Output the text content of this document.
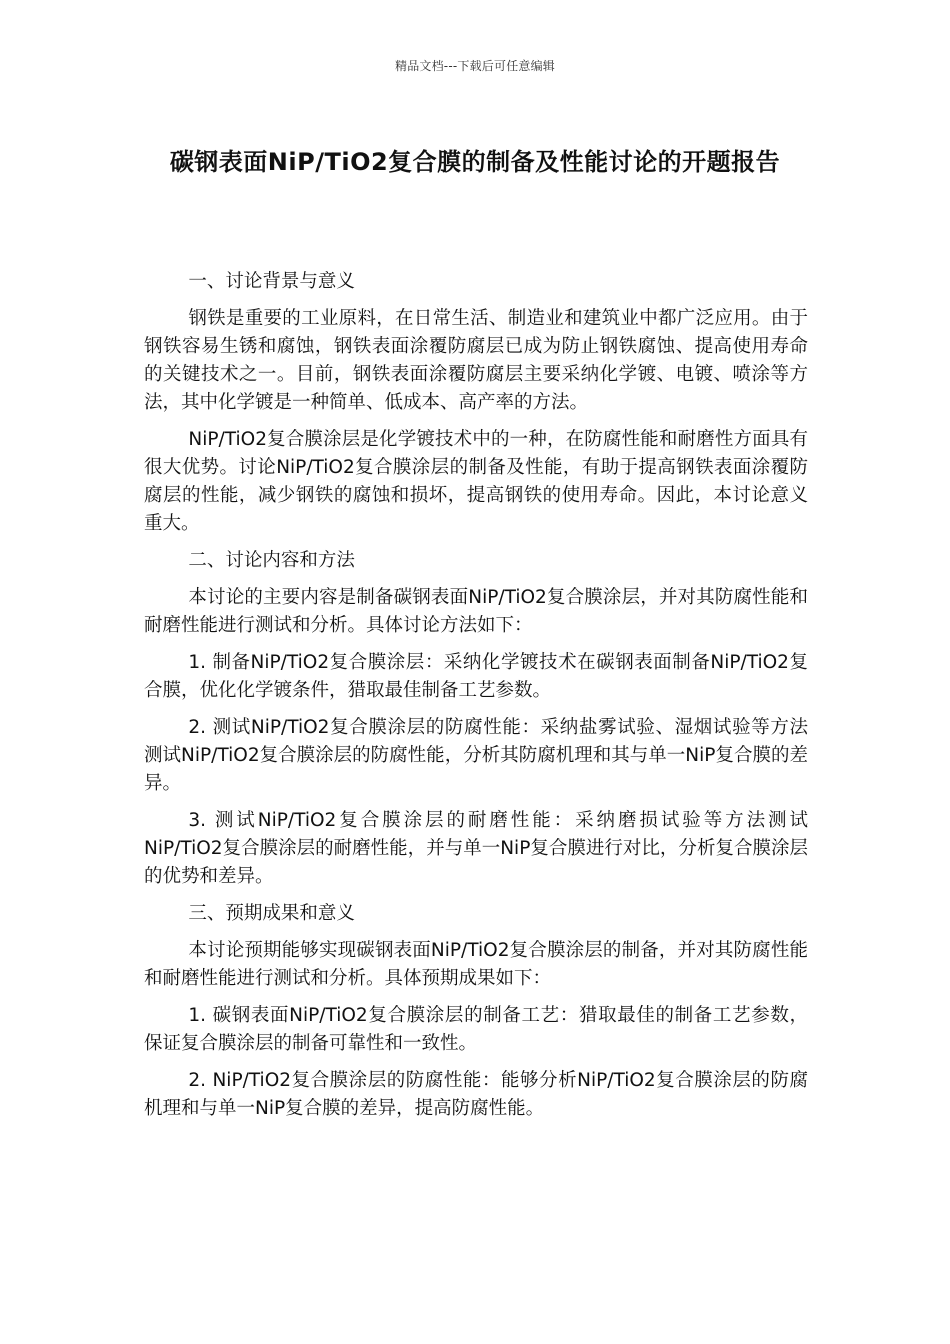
精品文档---下载后可任意编辑
碳钢表面NiP/TiO2复合膜的制备及性能讨论的开题报告

一、讨论背景与意义

钢铁是重要的工业原料，在日常生活、制造业和建筑业中都广泛应用。由于钢铁容易生锈和腐蚀，钢铁表面涂覆防腐层已成为防止钢铁腐蚀、提高使用寿命的关键技术之一。目前，钢铁表面涂覆防腐层主要采纳化学镀、电镀、喷涂等方法，其中化学镀是一种简单、低成本、高产率的方法。

NiP/TiO2复合膜涂层是化学镀技术中的一种，在防腐性能和耐磨性方面具有很大优势。讨论NiP/TiO2复合膜涂层的制备及性能，有助于提高钢铁表面涂覆防腐层的性能，减少钢铁的腐蚀和损坏，提高钢铁的使用寿命。因此，本讨论意义重大。

二、讨论内容和方法

本讨论的主要内容是制备碳钢表面NiP/TiO2复合膜涂层，并对其防腐性能和耐磨性能进行测试和分析。具体讨论方法如下：

1. 制备NiP/TiO2复合膜涂层：采纳化学镀技术在碳钢表面制备NiP/TiO2复合膜，优化化学镀条件，猎取最佳制备工艺参数。

2. 测试NiP/TiO2复合膜涂层的防腐性能：采纳盐雾试验、湿烟试验等方法测试NiP/TiO2复合膜涂层的防腐性能，分析其防腐机理和其与单一NiP复合膜的差异。

3. 测试NiP/TiO2复合膜涂层的耐磨性能：采纳磨损试验等方法测试NiP/TiO2复合膜涂层的耐磨性能，并与单一NiP复合膜进行对比，分析复合膜涂层的优势和差异。

三、预期成果和意义

本讨论预期能够实现碳钢表面NiP/TiO2复合膜涂层的制备，并对其防腐性能和耐磨性能进行测试和分析。具体预期成果如下：

1. 碳钢表面NiP/TiO2复合膜涂层的制备工艺：猎取最佳的制备工艺参数，保证复合膜涂层的制备可靠性和一致性。

2. NiP/TiO2复合膜涂层的防腐性能：能够分析NiP/TiO2复合膜涂层的防腐机理和与单一NiP复合膜的差异，提高防腐性能。
